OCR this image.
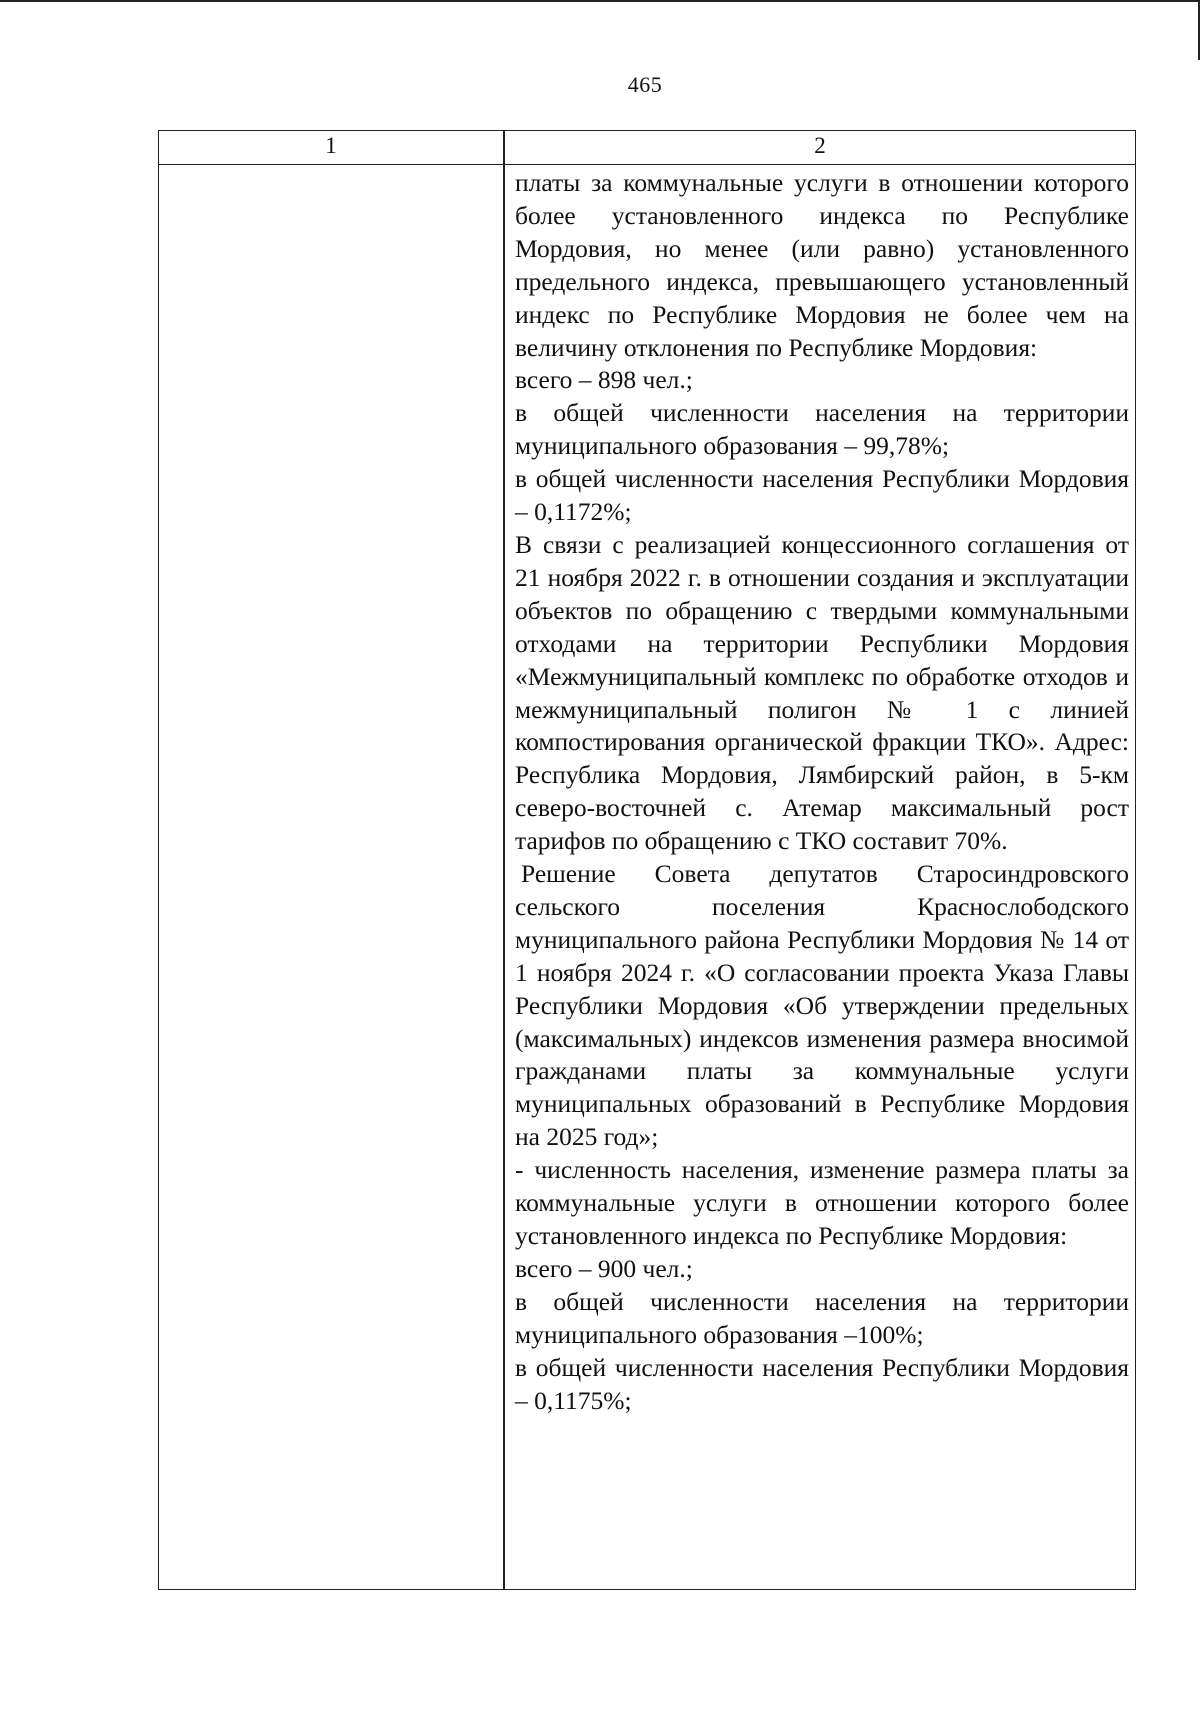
465
1	2

платы за коммунальные услуги в отношении которого более установленного индекса по Республике Мордовия, но менее (или равно) установленного предельного индекса, превышающего установленный индекс по Республике Мордовия не более чем на величину отклонения по Республике Мордовия:

всего – 898 чел.;

в общей численности населения на территории муниципального образования – 99,78%;

в общей численности населения Республики Мордовия – 0,1172%;

В связи с реализацией концессионного соглашения от 21 ноября 2022 г. в отношении создания и эксплуатации объектов по обращению с твердыми коммунальными отходами на территории Республики Мордовия «Межмуниципальный комплекс по обработке отходов и межмуниципальный полигон № 1 с линией компостирования органической фракции ТКО». Адрес: Республика Мордовия, Лямбирский район, в 5-км северо-восточней с. Атемар максимальный рост тарифов по обращению с ТКО составит 70%.

Решение Совета депутатов Старосиндровского сельского поселения Краснослободского муниципального района Республики Мордовия № 14 от 1 ноября 2024 г. «О согласовании проекта Указа Главы Республики Мордовия «Об утверждении предельных (максимальных) индексов изменения размера вносимой гражданами платы за коммунальные услуги муниципальных образований в Республике Мордовия на 2025 год»;

- численность населения, изменение размера платы за коммунальные услуги в отношении которого более установленного индекса по Республике Мордовия:

всего – 900 чел.;

в общей численности населения на территории муниципального образования –100%;

в общей численности населения Республики Мордовия – 0,1175%;
